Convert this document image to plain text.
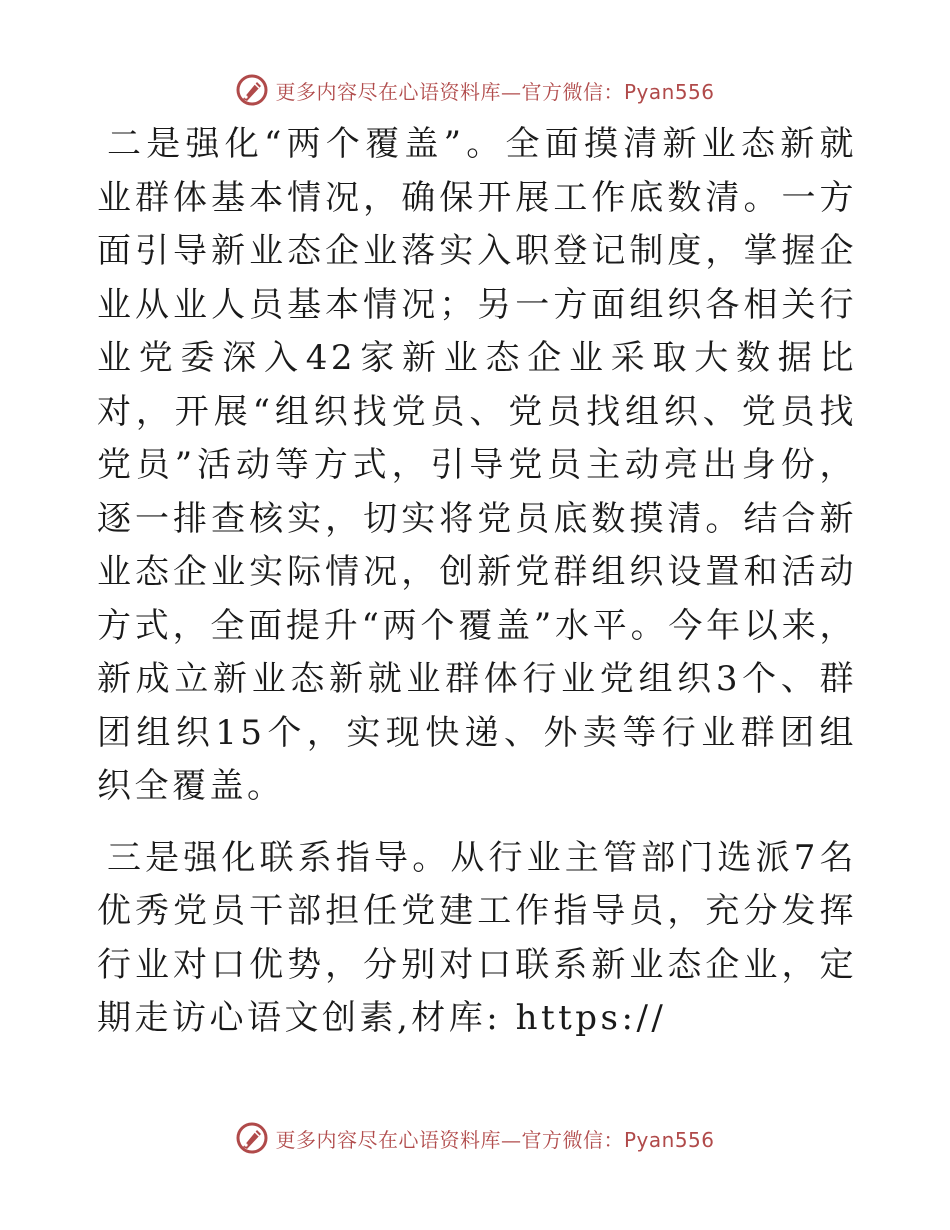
更多内容尽在心语资料库—官方微信：Pyan556

二是强化“两个覆盖”。全面摸清新业态新就业群体基本情况，确保开展工作底数清。一方面引导新业态企业落实入职登记制度，掌握企业从业人员基本情况；另一方面组织各相关行业党委深入42家新业态企业采取大数据比对，开展“组织找党员、党员找组织、党员找党员”活动等方式，引导党员主动亮出身份，逐一排查核实，切实将党员底数摸清。结合新业态企业实际情况，创新党群组织设置和活动方式，全面提升“两个覆盖”水平。今年以来，新成立新业态新就业群体行业党组织3个、群团组织15个，实现快递、外卖等行业群团组织全覆盖。

三是强化联系指导。从行业主管部门选派7名优秀党员干部担任党建工作指导员，充分发挥行业对口优势，分别对口联系新业态企业，定期走访心语文创素,材库: https://

更多内容尽在心语资料库—官方微信：Pyan556
